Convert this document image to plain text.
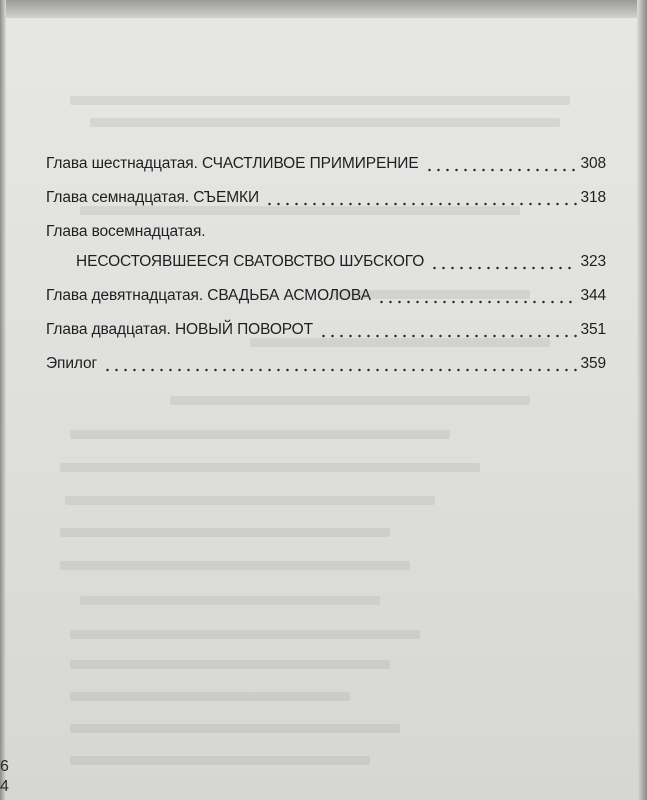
Глава шестнадцатая. СЧАСТЛИВОЕ ПРИМИРЕНИЕ	308
Глава семнадцатая. СЪЕМКИ	318
Глава восемнадцатая.
НЕСОСТОЯВШЕЕСЯ СВАТОВСТВО ШУБСКОГО	323
Глава девятнадцатая. СВАДЬБА АСМОЛОВА	344
Глава двадцатая. НОВЫЙ ПОВОРОТ	351
Эпилог	359
6
4
